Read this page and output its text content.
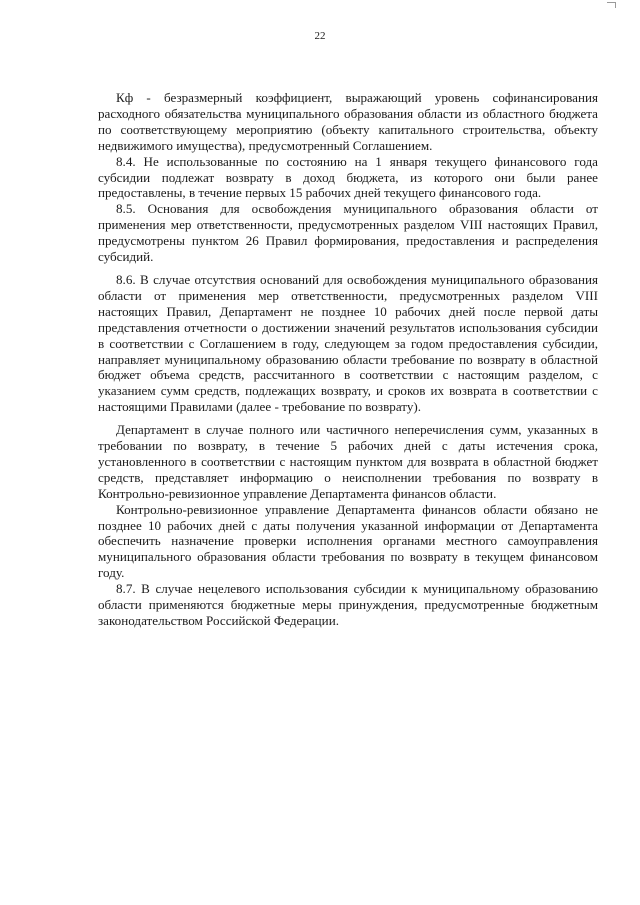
22

Кф - безразмерный коэффициент, выражающий уровень софинансирования расходного обязательства муниципального образования области из областного бюджета по соответствующему мероприятию (объекту капитального строительства, объекту недвижимого имущества), предусмотренный Соглашением.

8.4. Не использованные по состоянию на 1 января текущего финансового года субсидии подлежат возврату в доход бюджета, из которого они были ранее предоставлены, в течение первых 15 рабочих дней текущего финансового года.

8.5. Основания для освобождения муниципального образования области от применения мер ответственности, предусмотренных разделом VIII настоящих Правил, предусмотрены пунктом 26 Правил формирования, предоставления и распределения субсидий.

8.6. В случае отсутствия оснований для освобождения муниципального образования области от применения мер ответственности, предусмотренных разделом VIII настоящих Правил, Департамент не позднее 10 рабочих дней после первой даты представления отчетности о достижении значений результатов использования субсидии в соответствии с Соглашением в году, следующем за годом предоставления субсидии, направляет муниципальному образованию области требование по возврату в областной бюджет объема средств, рассчитанного в соответствии с настоящим разделом, с указанием сумм средств, подлежащих возврату, и сроков их возврата в соответствии с настоящими Правилами (далее - требование по возврату).

Департамент в случае полного или частичного неперечисления сумм, указанных в требовании по возврату, в течение 5 рабочих дней с даты истечения срока, установленного в соответствии с настоящим пунктом для возврата в областной бюджет средств, представляет информацию о неисполнении требования по возврату в Контрольно-ревизионное управление Департамента финансов области.

Контрольно-ревизионное управление Департамента финансов области обязано не позднее 10 рабочих дней с даты получения указанной информации от Департамента обеспечить назначение проверки исполнения органами местного самоуправления муниципального образования области требования по возврату в текущем финансовом году.

8.7. В случае нецелевого использования субсидии к муниципальному образованию области применяются бюджетные меры принуждения, предусмотренные бюджетным законодательством Российской Федерации.
